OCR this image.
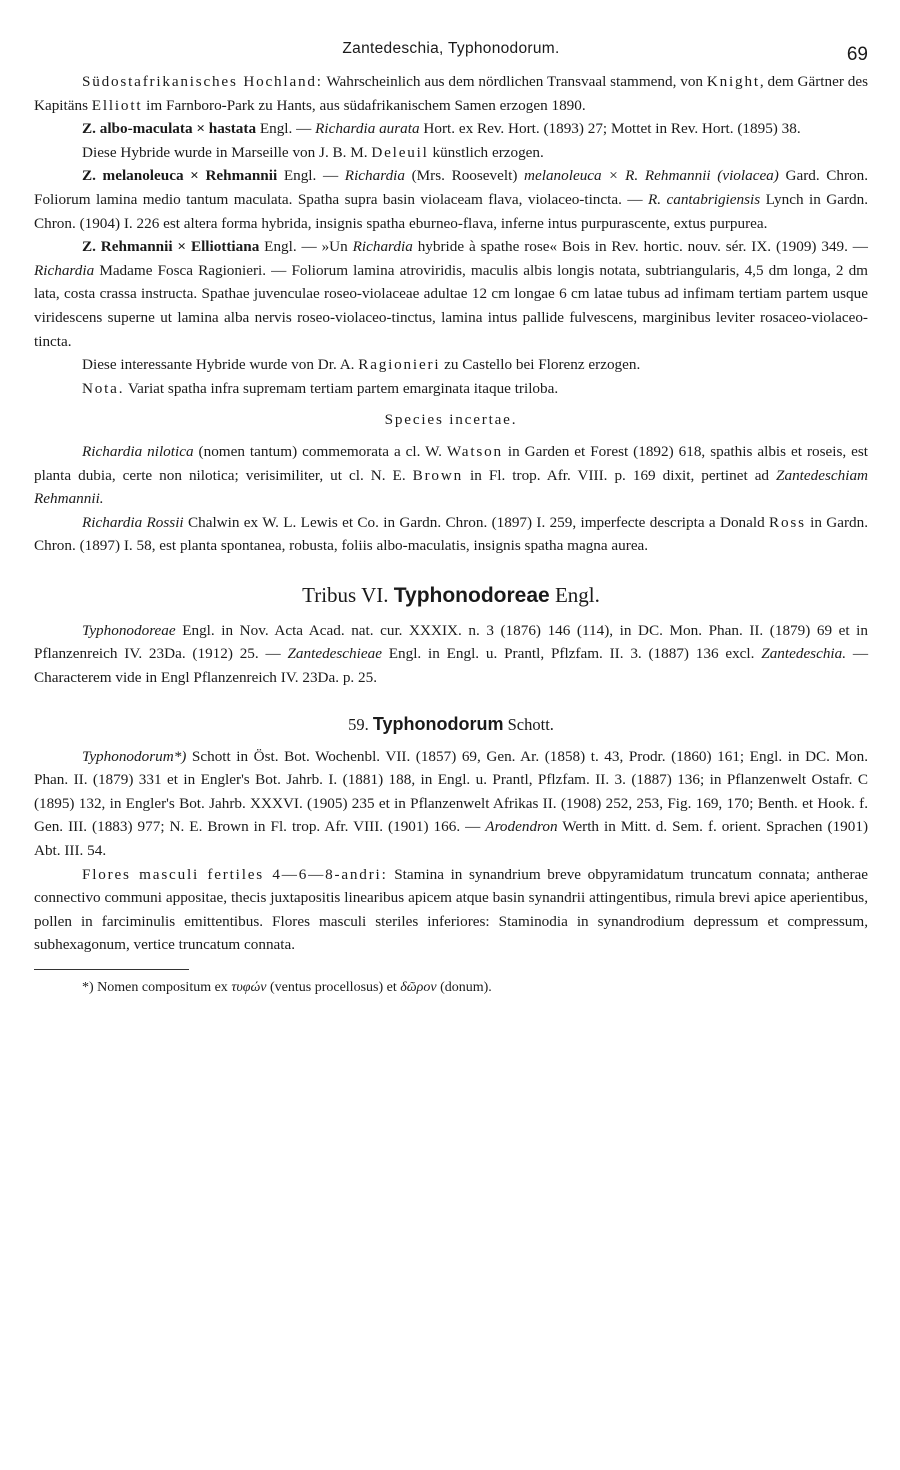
Zantedeschia, Typhonodorum.	69

Südostafrikanisches Hochland: Wahrscheinlich aus dem nördlichen Transvaal stammend, von Knight, dem Gärtner des Kapitäns Elliott im Farnboro-Park zu Hants, aus südafrikanischem Samen erzogen 1890.

Z. albo-maculata × hastata Engl. — Richardia aurata Hort. ex Rev. Hort. (1893) 27; Mottet in Rev. Hort. (1895) 38.

Diese Hybride wurde in Marseille von J. B. M. Deleuil künstlich erzogen.

Z. melanoleuca × Rehmannii Engl. — Richardia (Mrs. Roosevelt) melanoleuca × R. Rehmannii (violacea) Gard. Chron. Foliorum lamina medio tantum maculata. Spatha supra basin violaceam flava, violaceo-tincta. — R. cantabrigiensis Lynch in Gardn. Chron. (1904) I. 226 est altera forma hybrida, insignis spatha eburneo-flava, inferne intus purpurascente, extus purpurea.

Z. Rehmannii × Elliottiana Engl. — »Un Richardia hybride à spathe rose« Bois in Rev. hortic. nouv. sér. IX. (1909) 349. — Richardia Madame Fosca Ragionieri. — Foliorum lamina atroviridis, maculis albis longis notata, subtriangularis, 4,5 dm longa, 2 dm lata, costa crassa instructa. Spathae juvenculae roseo-violaceae adultae 12 cm longae 6 cm latae tubus ad infimam tertiam partem usque viridescens superne ut lamina alba nervis roseo-violaceo-tinctus, lamina intus pallide fulvescens, marginibus leviter rosaceo-violaceo-tincta.

Diese interessante Hybride wurde von Dr. A. Ragionieri zu Castello bei Florenz erzogen.

Nota. Variat spatha infra supremam tertiam partem emarginata itaque triloba.

Species incertae.

Richardia nilotica (nomen tantum) commemorata a cl. W. Watson in Garden et Forest (1892) 618, spathis albis et roseis, est planta dubia, certe non nilotica; verisimiliter, ut cl. N. E. Brown in Fl. trop. Afr. VIII. p. 169 dixit, pertinet ad Zantedeschiam Rehmannii.

Richardia Rossii Chalwin ex W. L. Lewis et Co. in Gardn. Chron. (1897) I. 259, imperfecte descripta a Donald Ross in Gardn. Chron. (1897) I. 58, est planta spontanea, robusta, foliis albo-maculatis, insignis spatha magna aurea.

Tribus VI. Typhonodoreae Engl.

Typhonodoreae Engl. in Nov. Acta Acad. nat. cur. XXXIX. n. 3 (1876) 146 (114), in DC. Mon. Phan. II. (1879) 69 et in Pflanzenreich IV. 23Da. (1912) 25. — Zantedeschieae Engl. in Engl. u. Prantl, Pflzfam. II. 3. (1887) 136 excl. Zantedeschia. — Characterem vide in Engl Pflanzenreich IV. 23Da. p. 25.

59. Typhonodorum Schott.

Typhonodorum*) Schott in Öst. Bot. Wochenbl. VII. (1857) 69, Gen. Ar. (1858) t. 43, Prodr. (1860) 161; Engl. in DC. Mon. Phan. II. (1879) 331 et in Engler's Bot. Jahrb. I. (1881) 188, in Engl. u. Prantl, Pflzfam. II. 3. (1887) 136; in Pflanzenwelt Ostafr. C (1895) 132, in Engler's Bot. Jahrb. XXXVI. (1905) 235 et in Pflanzenwelt Afrikas II. (1908) 252, 253, Fig. 169, 170; Benth. et Hook. f. Gen. III. (1883) 977; N. E. Brown in Fl. trop. Afr. VIII. (1901) 166. — Arodendron Werth in Mitt. d. Sem. f. orient. Sprachen (1901) Abt. III. 54.

Flores masculi fertiles 4—6—8-andri: Stamina in synandrium breve obpyramidatum truncatum connata; antherae connectivo communi appositae, thecis juxtapositis linearibus apicem atque basin synandrii attingentibus, rimula brevi apice aperientibus, pollen in farciminulis emittentibus. Flores masculi steriles inferiores: Staminodia in synandrodium depressum et compressum, subhexagonum, vertice truncatum connata.

*) Nomen compositum ex τυφών (ventus procellosus) et δῶρον (donum).
